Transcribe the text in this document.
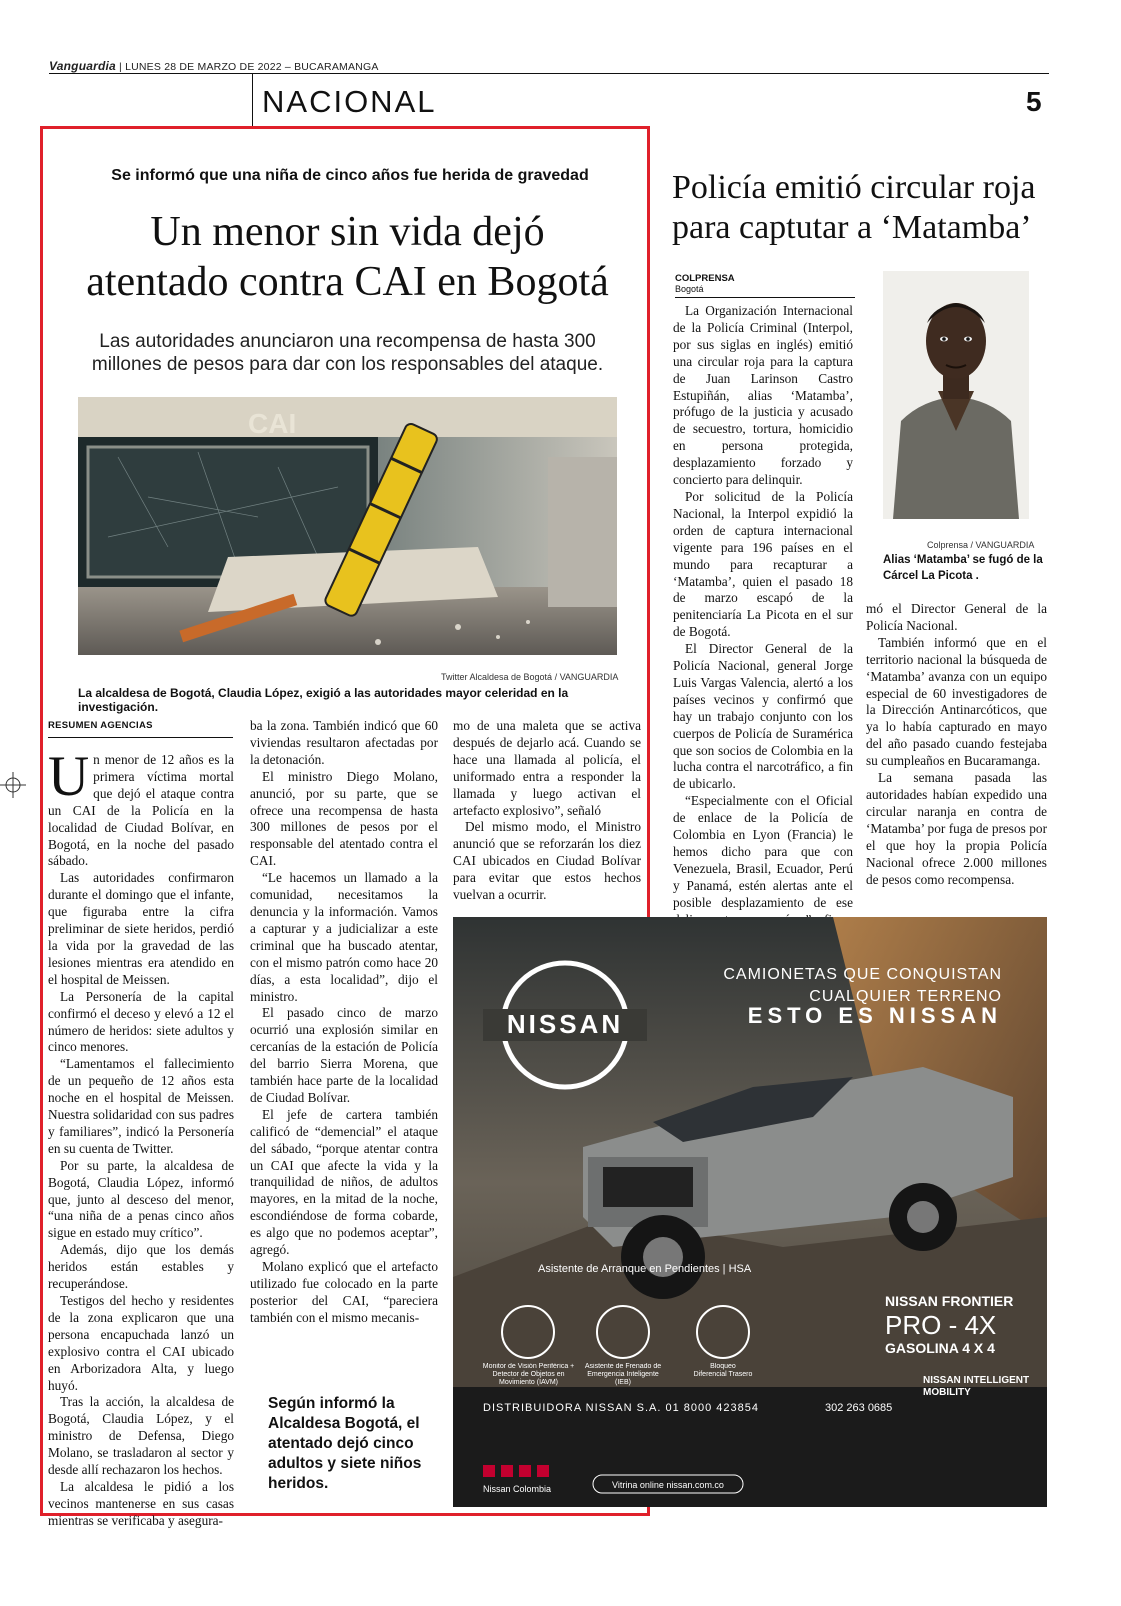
Vanguardia | LUNES 28 DE MARZO DE 2022 – BUCARAMANGA
NACIONAL	5
Se informó que una niña de cinco años fue herida de gravedad
Un menor sin vida dejó
atentado contra CAI en Bogotá
Las autoridades anunciaron una recompensa de hasta 300
millones de pesos para dar con los responsables del ataque.
CAI
Twitter Alcaldesa de Bogotá / VANGUARDIA
La alcaldesa de Bogotá, Claudia López, exigió a las autoridades mayor celeridad en la investigación.
RESUMEN AGENCIAS

Un menor de 12 años es la primera víctima mortal que dejó el ataque contra un CAI de la Policía en la localidad de Ciudad Bolívar, en Bogotá, en la noche del pasado sábado.

Las autoridades confirmaron durante el domingo que el infante, que figuraba entre la cifra preliminar de siete heridos, perdió la vida por la gravedad de las lesiones mientras era atendido en el hospital de Meissen.

La Personería de la capital confirmó el deceso y elevó a 12 el número de heridos: siete adultos y cinco menores.

“Lamentamos el fallecimiento de un pequeño de 12 años esta noche en el hospital de Meissen. Nuestra solidaridad con sus padres y familiares”, indicó la Personería en su cuenta de Twitter.

Por su parte, la alcaldesa de Bogotá, Claudia López, informó que, junto al desceso del menor, “una niña de a penas cinco años sigue en estado muy crítico”.

Además, dijo que los demás heridos están estables y recuperándose.

Testigos del hecho y residentes de la zona explicaron que una persona encapuchada lanzó un explosivo contra el CAI ubicado en Arborizadora Alta, y luego huyó.

Tras la acción, la alcaldesa de Bogotá, Claudia López, y el ministro de Defensa, Diego Molano, se trasladaron al sector y desde allí rechazaron los hechos.

La alcaldesa le pidió a los vecinos mantenerse en sus casas mientras se verificaba y asegura-

ba la zona. También indicó que 60 viviendas resultaron afectadas por la detonación.

El ministro Diego Molano, anunció, por su parte, que se ofrece una recompensa de hasta 300 millones de pesos por el responsable del atentado contra el CAI.

“Le hacemos un llamado a la comunidad, necesitamos la denuncia y la información. Vamos a capturar y a judicializar a este criminal que ha buscado atentar, con el mismo patrón como hace 20 días, a esta localidad”, dijo el ministro.

El pasado cinco de marzo ocurrió una explosión similar en cercanías de la estación de Policía del barrio Sierra Morena, que también hace parte de la localidad de Ciudad Bolívar.

El jefe de cartera también calificó de “demencial” el ataque del sábado, “porque atentar contra un CAI que afecte la vida y la tranquilidad de niños, de adultos mayores, en la mitad de la noche, escondiéndose de forma cobarde, es algo que no podemos aceptar”, agregó.

Molano explicó que el artefacto utilizado fue colocado en la parte posterior del CAI, “pareciera también con el mismo mecanis-

mo de una maleta que se activa después de dejarlo acá. Cuando se hace una llamada al policía, el uniformado entra a responder la llamada y luego activan el artefacto explosivo”, señaló

Del mismo modo, el Ministro anunció que se reforzarán los diez CAI ubicados en Ciudad Bolívar para evitar que estos hechos vuelvan a ocurrir.

Según informó la Alcaldesa Bogotá, el atentado dejó cinco adultos y siete niños heridos.
Policía emitió circular roja
para captutar a ‘Matamba’
COLPRENSA
Bogotá

La Organización Internacional de la Policía Criminal (Interpol, por sus siglas en inglés) emitió una circular roja para la captura de Juan Larinson Castro Estupiñán, alias ‘Matamba’, prófugo de la justicia y acusado de secuestro, tortura, homicidio en persona protegida, desplazamiento forzado y concierto para delinquir.

Por solicitud de la Policía Nacional, la Interpol expidió la orden de captura internacional vigente para 196 países en el mundo para recapturar a ‘Matamba’, quien el pasado 18 de marzo escapó de la penitenciaría La Picota en el sur de Bogotá.

El Director General de la Policía Nacional, general Jorge Luis Vargas Valencia, alertó a los países vecinos y confirmó que hay un trabajo conjunto con los cuerpos de Policía de Suramérica que son socios de Colombia en la lucha contra el narcotráfico, a fin de ubicarlo.

“Especialmente con el Oficial de enlace de la Policía de Colombia en Lyon (Francia) le hemos dicho para que con Venezuela, Brasil, Ecuador, Perú y Panamá, estén alertas ante el posible desplazamiento de ese

Colprensa / VANGUARDIA
Alias ‘Matamba’ se fugó de la Cárcel La Picota .

mó el Director General de la Policía Nacional.

También informó que en el territorio nacional la búsqueda de ‘Matamba’ avanza con un equipo especial de 60 investigadores de la Dirección Antinarcóticos, que ya lo había capturado en mayo del año pasado cuando festejaba su cumpleaños en Bucaramanga.

La semana pasada las autoridades habían expedido una circular naranja en contra de ‘Matamba’ por fuga de presos por el que hoy la propia Policía Nacional ofrece 2.000 millones de pesos como recompensa.

NISSAN
CAMIONETAS QUE CONQUISTAN
CUALQUIER TERRENO
ESTO ES NISSAN
Asistente de Arranque en Pendientes | HSA
Monitor de Visión Periférica + Detector de Objetos en Movimiento (IAVM)
Asistente de Frenado de Emergencia Inteligente (IEB)
Bloqueo Diferencial Trasero
NISSAN FRONTIER
PRO - 4X
GASOLINA 4 X 4
NISSAN INTELLIGENT MOBILITY
DISTRIBUIDORA NISSAN S.A. 01 8000 423854	302 263 0685
Nissan Colombia	Vitrina online nissan.com.co
